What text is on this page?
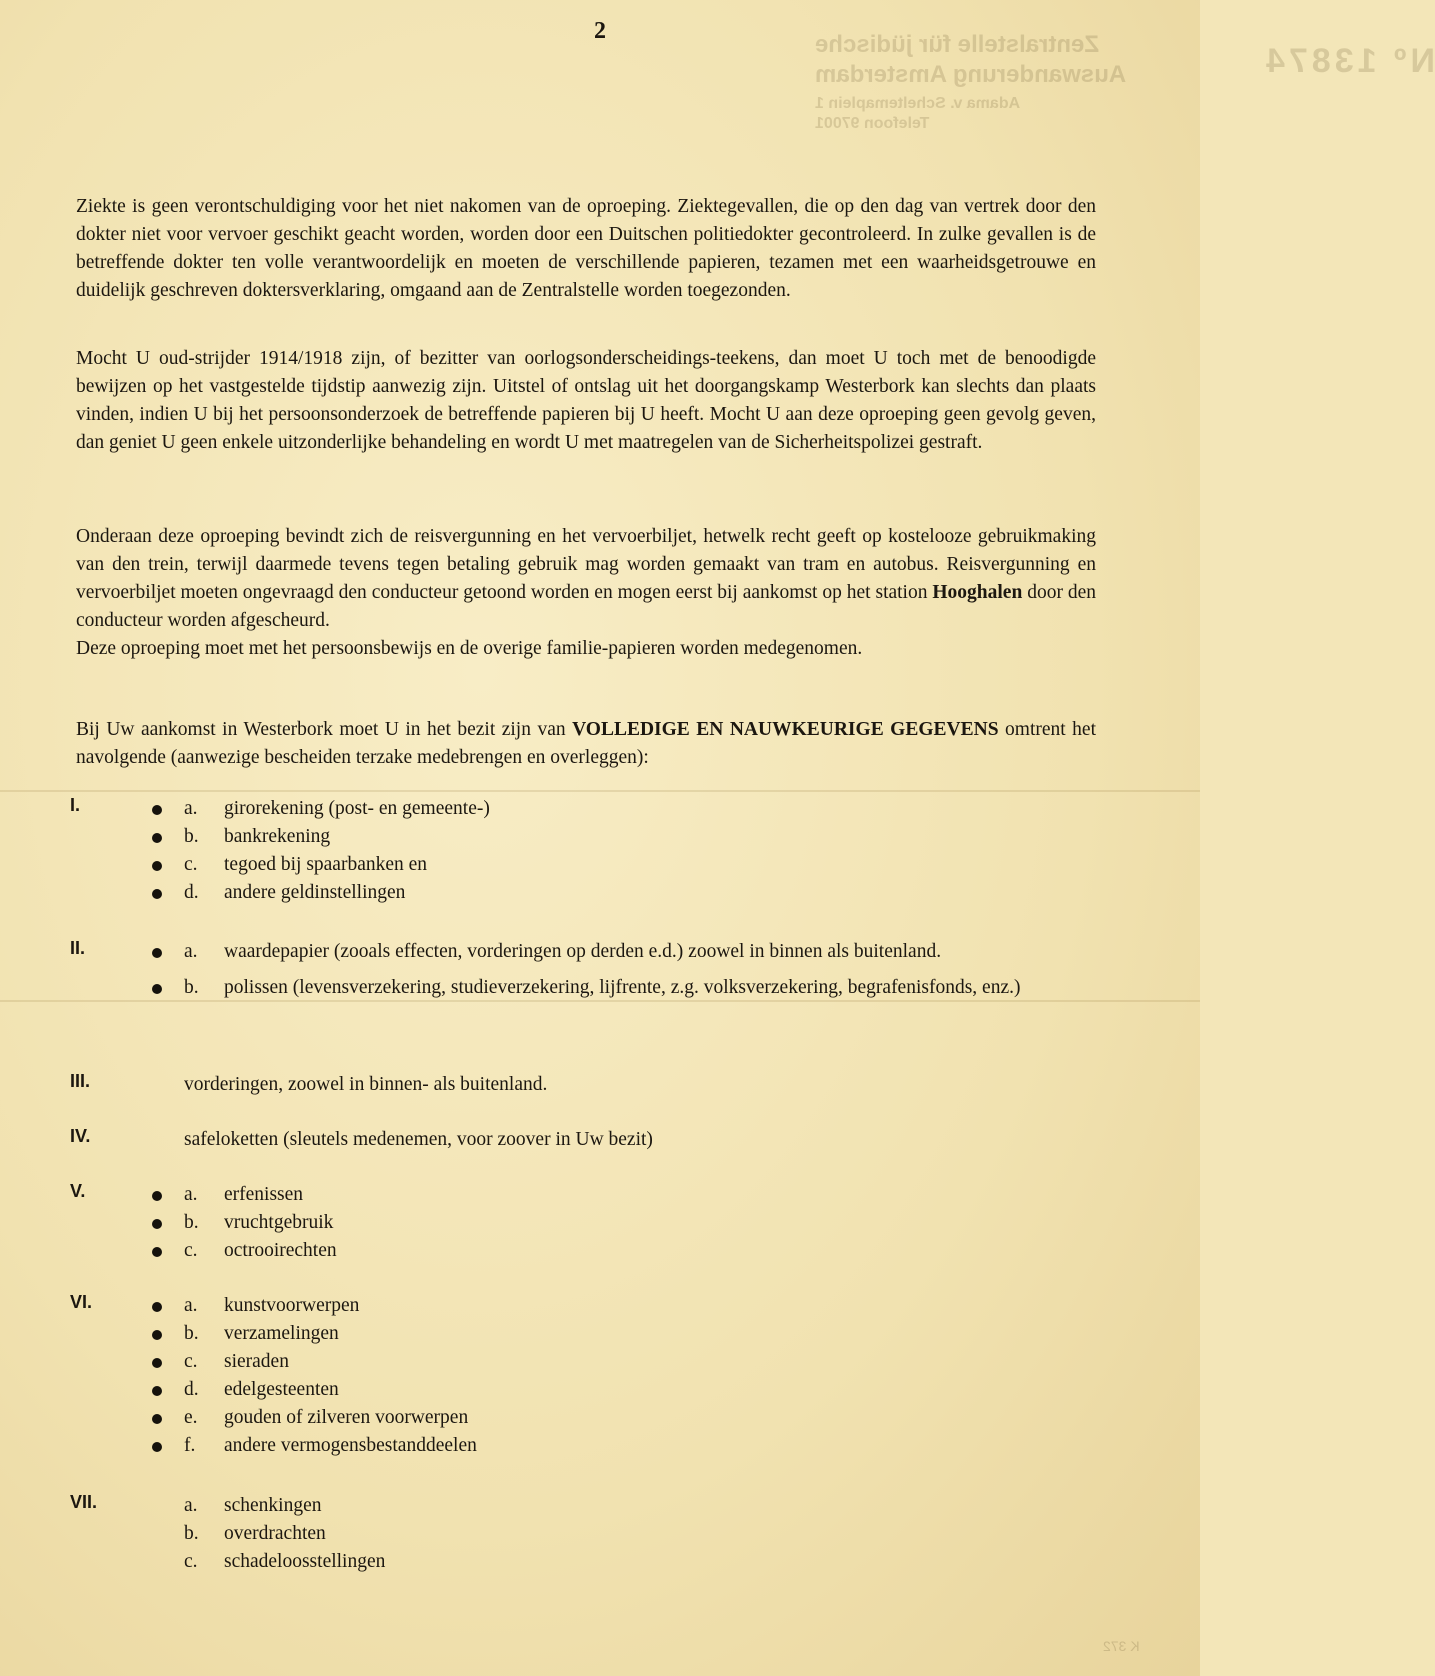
Nº 13874
Zentralstelle für jüdische
Auswanderung Amsterdam
Adama v. Scheltemaplein 1
Telefoon 97001
2

Ziekte is geen verontschuldiging voor het niet nakomen van de oproeping. Ziektegevallen, die op den dag van vertrek door den dokter niet voor vervoer geschikt geacht worden, worden door een Duitschen politiedokter gecontroleerd. In zulke gevallen is de betreffende dokter ten volle verantwoordelijk en moeten de verschillende papieren, tezamen met een waarheidsgetrouwe en duidelijk geschreven doktersverklaring, omgaand aan de Zentralstelle worden toegezonden.

Mocht U oud-strijder 1914/1918 zijn, of bezitter van oorlogsonderscheidings-teekens, dan moet U toch met de benoodigde bewijzen op het vastgestelde tijdstip aanwezig zijn. Uitstel of ontslag uit het doorgangskamp Westerbork kan slechts dan plaats vinden, indien U bij het persoonsonderzoek de betreffende papieren bij U heeft. Mocht U aan deze oproeping geen gevolg geven, dan geniet U geen enkele uitzonderlijke behandeling en wordt U met maatregelen van de Sicherheitspolizei gestraft.

Onderaan deze oproeping bevindt zich de reisvergunning en het vervoerbiljet, hetwelk recht geeft op kostelooze gebruikmaking van den trein, terwijl daarmede tevens tegen betaling gebruik mag worden gemaakt van tram en autobus. Reisvergunning en vervoerbiljet moeten ongevraagd den conducteur getoond worden en mogen eerst bij aankomst op het station Hooghalen door den conducteur worden afgescheurd.

Deze oproeping moet met het persoonsbewijs en de overige familie-papieren worden medegenomen.

Bij Uw aankomst in Westerbork moet U in het bezit zijn van VOLLEDIGE EN NAUWKEURIGE GEGEVENS omtrent het navolgende (aanwezige bescheiden terzake medebrengen en overleggen):

I.	a. girorekening (post- en gemeente-)
b. bankrekening
c. tegoed bij spaarbanken en
d. andere geldinstellingen
II.	a. waardepapier (zooals effecten, vorderingen op derden e.d.) zoowel in binnen als buitenland.
b. polissen (levensverzekering, studieverzekering, lijfrente, z.g. volksverzekering, begrafenisfonds, enz.)
III.	vorderingen, zoowel in binnen- als buitenland.
IV.	safeloketten (sleutels medenemen, voor zoover in Uw bezit)
V.	a. erfenissen
b. vruchtgebruik
c. octrooirechten
VI.	a. kunstvoorwerpen
b. verzamelingen
c. sieraden
d. edelgesteenten
e. gouden of zilveren voorwerpen
f. andere vermogensbestanddeelen
VII.	a. schenkingen
b. overdrachten
c. schadeloosstellingen
K 372
